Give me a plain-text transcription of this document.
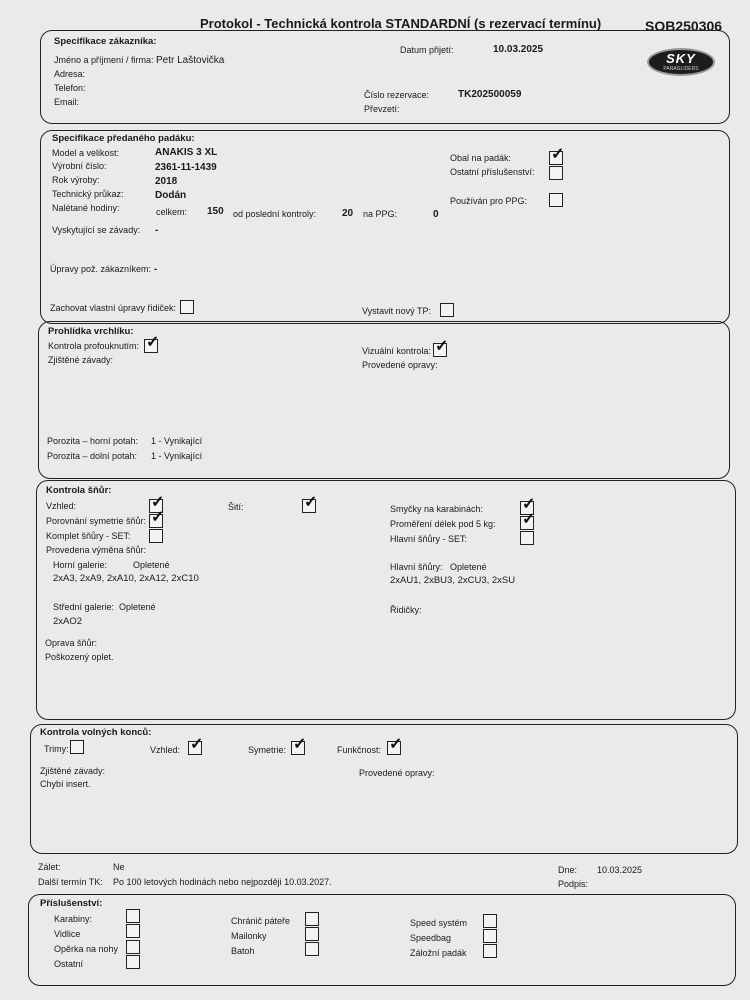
Protokol - Technická kontrola STANDARDNÍ (s rezervací termínu)	SOB250306
SKY
PARAGLIDERS
Specifikace zákazníka:
Jméno a příjmení / firma: Petr Laštovička
Adresa:
Telefon:
Email:
Datum přijetí:	10.03.2025
Číslo rezervace:	TK202500059
Převzetí:
Specifikace předaného padáku:
Model a velikost:	ANAKIS 3 XL
Výrobní číslo:	2361-11-1439
Rok výroby:	2018
Technický průkaz:	Dodán
Nalétané hodiny:	celkem: 150 od poslední kontroly:	20 na PPG:	0
Vyskytující se závady: -
Úpravy pož. zákazníkem: -
Zachovat vlastní úpravy řidiček:	Vystavit nový TP:
Obal na padák: ✓
Ostatní příslušenství:
Používán pro PPG:
Prohlídka vrchlíku:
Kontrola profouknutím: ✓	Vizuální kontrola: ✓
Zjištěné závady:	Provedené opravy:
Porozita – horní potah: 1 - Vynikající
Porozita – dolní potah: 1 - Vynikající
Kontrola šňůr:
Vzhled:	✓
Porovnání symetrie šňůr: ✓
Komplet šňůry - SET:
Šití:	✓	Smyčky na karabinách: ✓
Proměření délek pod 5 kg: ✓
Hlavní šňůry - SET:
Provedena výměna šňůr:
Horní galerie:	Opletené
2xA3, 2xA9, 2xA10, 2xA12, 2xC10
Střední galerie: Opletené
2xAO2
Hlavní šňůry: Opletené
2xAU1, 2xBU3, 2xCU3, 2xSU
Řidičky:
Oprava šňůr:
Poškozený oplet.
Kontrola volných konců:
Trimy:	Vzhled: ✓	Symetrie: ✓	Funkčnost: ✓
Zjištěné závady:
Chybí insert.
Provedené opravy:
Zálet:	Ne
Další termín TK: Po 100 letových hodinách nebo nejpozději 10.03.2027.
Dne: 10.03.2025
Podpis:
Příslušenství:
Karabiny:
Vidlice
Opěrka na nohy
Ostatní
Chránič páteře
Mailonky
Batoh
Speed systém
Speedbag
Záložní padák
